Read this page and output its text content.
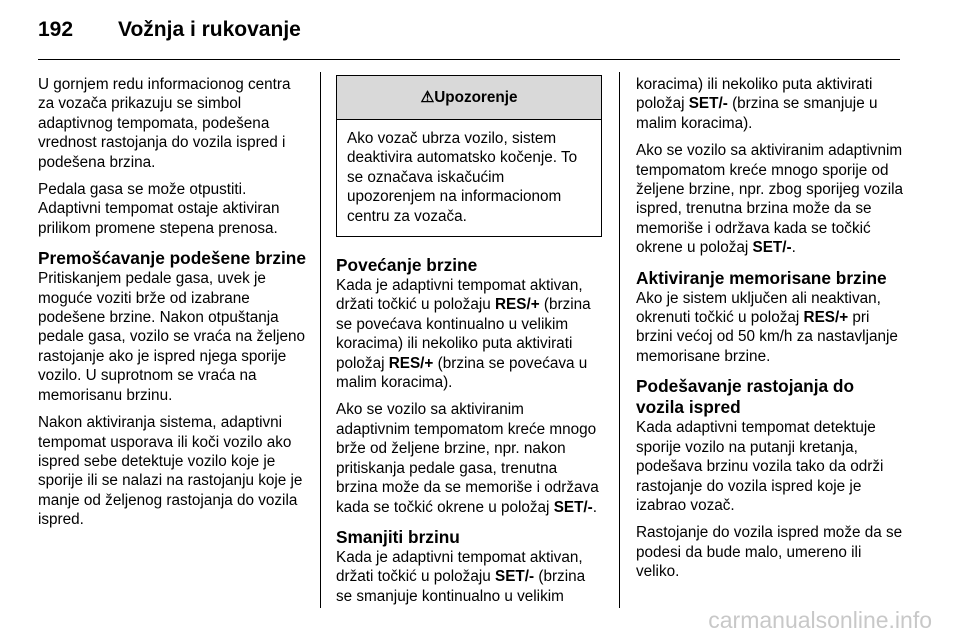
192 Vožnja i rukovanje

U gornjem redu informacionog centra za vozača prikazuju se simbol adaptivnog tempomata, podešena vrednost rastojanja do vozila ispred i podešena brzina.

Pedala gasa se može otpustiti. Adaptivni tempomat ostaje aktiviran prilikom promene stepena prenosa.

Premošćavanje podešene brzine

Pritiskanjem pedale gasa, uvek je moguće voziti brže od izabrane podešene brzine. Nakon otpuštanja pedale gasa, vozilo se vraća na željeno rastojanje ako je ispred njega sporije vozilo. U suprotnom se vraća na memorisanu brzinu.

Nakon aktiviranja sistema, adaptivni tempomat usporava ili koči vozilo ako ispred sebe detektuje vozilo koje je sporije ili se nalazi na rastojanju koje je manje od željenog rastojanja do vozila ispred.

⚠Upozorenje
Ako vozač ubrza vozilo, sistem deaktivira automatsko kočenje. To se označava iskačućim upozorenjem na informacionom centru za vozača.
Povećanje brzine

Kada je adaptivni tempomat aktivan, držati točkić u položaju RES/+ (brzina se povećava kontinualno u velikim koracima) ili nekoliko puta aktivirati položaj RES/+ (brzina se povećava u malim koracima).

Ako se vozilo sa aktiviranim adaptivnim tempomatom kreće mnogo brže od željene brzine, npr. nakon pritiskanja pedale gasa, trenutna brzina može da se memoriše i održava kada se točkić okrene u položaj SET/-.

Smanjiti brzinu

Kada je adaptivni tempomat aktivan, držati točkić u položaju SET/- (brzina se smanjuje kontinualno u velikim

koracima) ili nekoliko puta aktivirati položaj SET/- (brzina se smanjuje u malim koracima).

Ako se vozilo sa aktiviranim adaptivnim tempomatom kreće mnogo sporije od željene brzine, npr. zbog sporijeg vozila ispred, trenutna brzina može da se memoriše i održava kada se točkić okrene u položaj SET/-.

Aktiviranje memorisane brzine

Ako je sistem uključen ali neaktivan, okrenuti točkić u položaj RES/+ pri brzini većoj od 50 km/h za nastavljanje memorisane brzine.

Podešavanje rastojanja do vozila ispred

Kada adaptivni tempomat detektuje sporije vozilo na putanji kretanja, podešava brzinu vozila tako da održi rastojanje do vozila ispred koje je izabrao vozač.

Rastojanje do vozila ispred može da se podesi da bude malo, umereno ili veliko.

carmanualsonline.info
